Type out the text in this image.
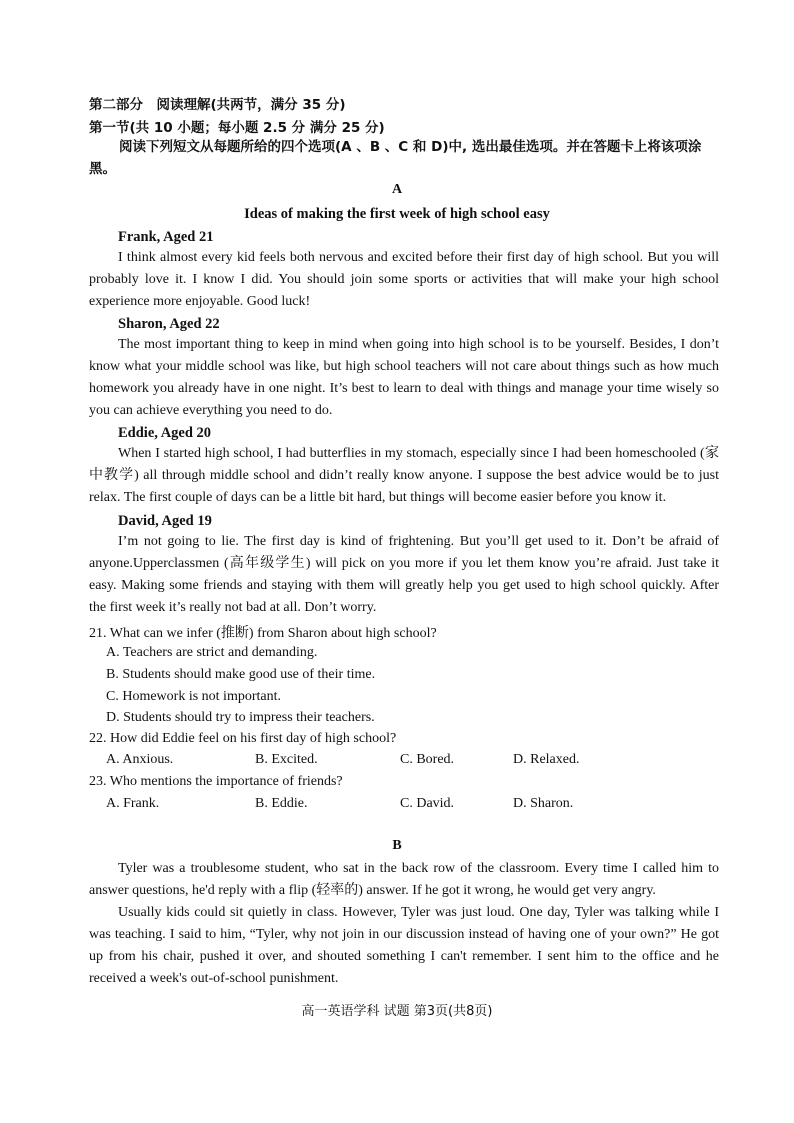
第二部分　阅读理解(共两节，满分 35 分)
第一节(共 10 小题；每小题 2.5 分 满分 25 分)
阅读下列短文从每题所给的四个选项(A 、B 、C 和 D)中, 选出最佳选项。并在答题卡上将该项涂黑。
A
Ideas of making the first week of high school easy
Frank, Aged 21
I think almost every kid feels both nervous and excited before their first day of high school. But you will probably love it. I know I did. You should join some sports or activities that will make your high school experience more enjoyable. Good luck!
Sharon, Aged 22
The most important thing to keep in mind when going into high school is to be yourself. Besides, I don’t know what your middle school was like, but high school teachers will not care about things such as how much homework you already have in one night. It’s best to learn to deal with things and manage your time wisely so you can achieve everything you need to do.
Eddie, Aged 20
When I started high school, I had butterflies in my stomach, especially since I had been homeschooled (家中教学) all through middle school and didn’t really know anyone. I suppose the best advice would be to just relax. The first couple of days can be a little bit hard, but things will become easier before you know it.
David, Aged 19
I’m not going to lie. The first day is kind of frightening. But you’ll get used to it. Don’t be afraid of anyone.Upperclassmen (高年级学生) will pick on you more if you let them know you’re afraid. Just take it easy. Making some friends and staying with them will greatly help you get used to high school quickly. After the first week it’s really not bad at all. Don’t worry.
21. What can we infer (推断) from Sharon about high school?
A. Teachers are strict and demanding.
B. Students should make good use of their time.
C. Homework is not important.
D. Students should try to impress their teachers.
22. How did Eddie feel on his first day of high school?
A. Anxious.	B. Excited.	C. Bored.	D. Relaxed.
23. Who mentions the importance of friends?
A. Frank.	B. Eddie.	C. David.	D. Sharon.
B
Tyler was a troublesome student, who sat in the back row of the classroom. Every time I called him to answer questions, he'd reply with a flip (轻率的) answer. If he got it wrong, he would get very angry.
Usually kids could sit quietly in class. However, Tyler was just loud. One day, Tyler was talking while I was teaching. I said to him, “Tyler, why not join in our discussion instead of having one of your own?” He got up from his chair, pushed it over, and shouted something I can't remember. I sent him to the office and he received a week's out-of-school punishment.
高一英语学科 试题 第3页(共8页)
